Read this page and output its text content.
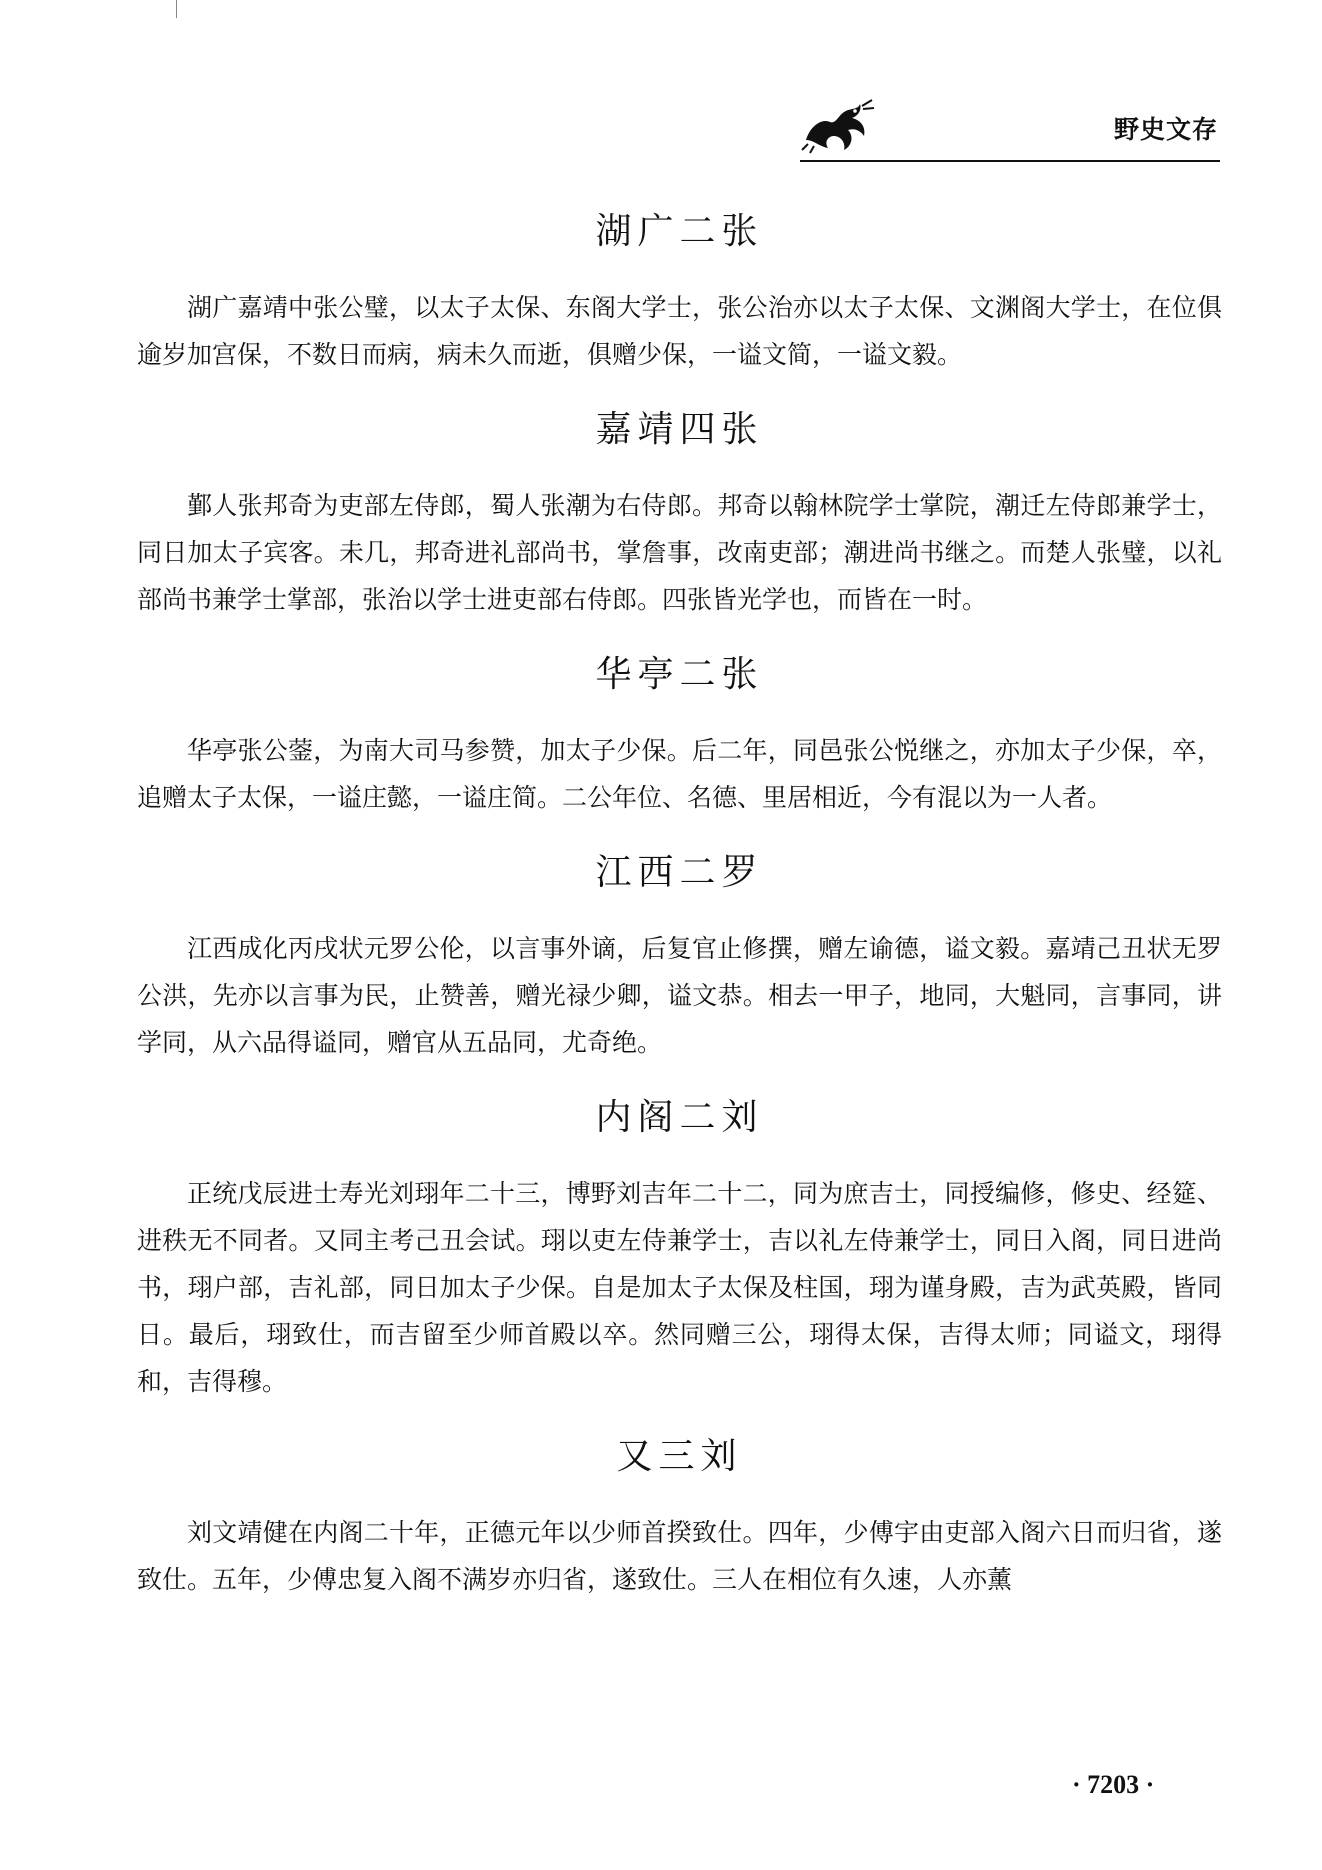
野史文存
湖广二张

湖广嘉靖中张公璧，以太子太保、东阁大学士，张公治亦以太子太保、文渊阁大学士，在位俱逾岁加宫保，不数日而病，病未久而逝，俱赠少保，一谥文简，一谥文毅。

嘉靖四张

鄞人张邦奇为吏部左侍郎，蜀人张潮为右侍郎。邦奇以翰林院学士掌院，潮迁左侍郎兼学士，同日加太子宾客。未几，邦奇进礼部尚书，掌詹事，改南吏部；潮进尚书继之。而楚人张璧，以礼部尚书兼学士掌部，张治以学士进吏部右侍郎。四张皆光学也，而皆在一时。

华亭二张

华亭张公蓥，为南大司马参赞，加太子少保。后二年，同邑张公悦继之，亦加太子少保，卒，追赠太子太保，一谥庄懿，一谥庄简。二公年位、名德、里居相近，今有混以为一人者。

江西二罗

江西成化丙戌状元罗公伦，以言事外谪，后复官止修撰，赠左谕德，谥文毅。嘉靖己丑状无罗公洪，先亦以言事为民，止赞善，赠光禄少卿，谥文恭。相去一甲子，地同，大魁同，言事同，讲学同，从六品得谥同，赠官从五品同，尤奇绝。

内阁二刘

正统戊辰进士寿光刘珝年二十三，博野刘吉年二十二，同为庶吉士，同授编修，修史、经筵、进秩无不同者。又同主考己丑会试。珝以吏左侍兼学士，吉以礼左侍兼学士，同日入阁，同日进尚书，珝户部，吉礼部，同日加太子少保。自是加太子太保及柱国，珝为谨身殿，吉为武英殿，皆同日。最后，珝致仕，而吉留至少师首殿以卒。然同赠三公，珝得太保，吉得太师；同谥文，珝得和，吉得穆。

又三刘

刘文靖健在内阁二十年，正德元年以少师首揆致仕。四年，少傅宇由吏部入阁六日而归省，遂致仕。五年，少傅忠复入阁不满岁亦归省，遂致仕。三人在相位有久速，人亦薰

· 7203 ·
